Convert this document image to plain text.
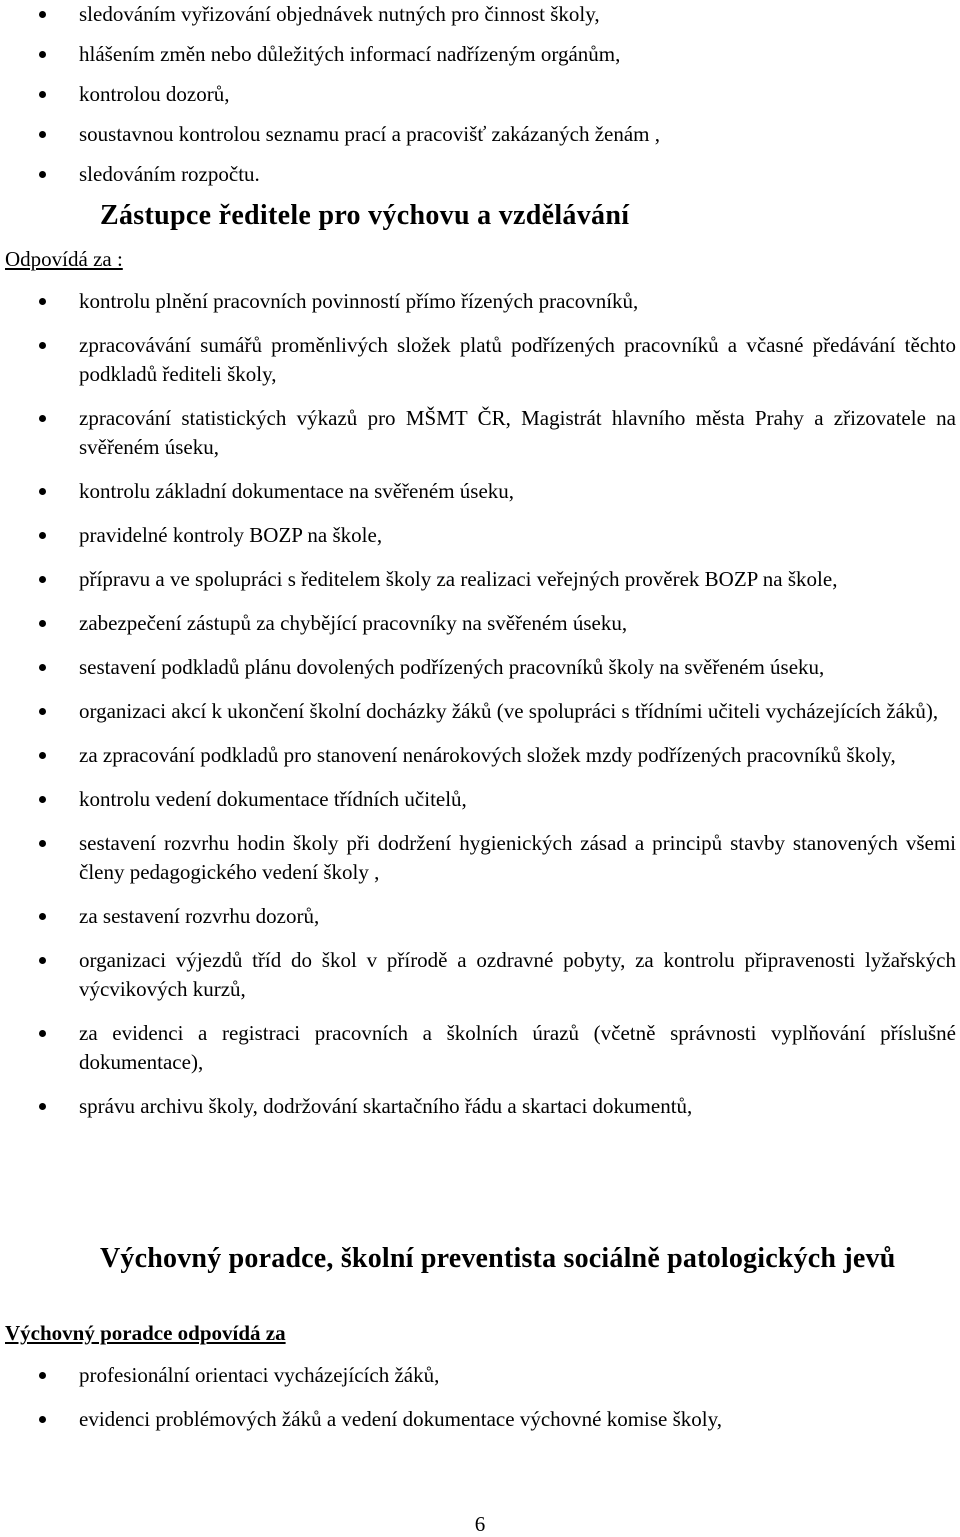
sledováním vyřizování objednávek nutných pro činnost školy,
hlášením změn nebo důležitých informací nadřízeným orgánům,
kontrolou dozorů,
soustavnou kontrolou seznamu prací a pracovišť zakázaných ženám ,
sledováním rozpočtu.
Zástupce ředitele pro výchovu a vzdělávání
Odpovídá za :
kontrolu plnění pracovních povinností přímo řízených pracovníků,
zpracovávání sumářů proměnlivých složek platů podřízených pracovníků a včasné předávání těchto podkladů řediteli školy,
zpracování statistických výkazů pro MŠMT ČR, Magistrát hlavního města Prahy a zřizovatele na svěřeném úseku,
kontrolu základní dokumentace na svěřeném úseku,
pravidelné kontroly BOZP na škole,
přípravu a ve spolupráci s ředitelem školy za realizaci veřejných prověrek BOZP na škole,
zabezpečení zástupů za chybějící pracovníky na svěřeném úseku,
sestavení podkladů plánu dovolených podřízených pracovníků školy na svěřeném úseku,
organizaci akcí k ukončení školní docházky žáků (ve spolupráci s třídními učiteli vycházejících žáků),
za zpracování podkladů pro stanovení nenárokových složek mzdy podřízených pracovníků školy,
kontrolu vedení dokumentace třídních učitelů,
sestavení rozvrhu hodin školy při dodržení hygienických zásad a principů stavby stanovených všemi členy pedagogického vedení školy ,
za sestavení rozvrhu dozorů,
organizaci výjezdů tříd do škol v přírodě a ozdravné pobyty, za kontrolu připravenosti lyžařských výcvikových kurzů,
za evidenci a registraci pracovních a školních úrazů (včetně správnosti vyplňování příslušné dokumentace),
správu archivu školy, dodržování skartačního řádu a skartaci dokumentů,
Výchovný poradce, školní preventista sociálně patologických jevů
Výchovný poradce odpovídá za
profesionální orientaci vycházejících žáků,
evidenci problémových žáků a vedení dokumentace výchovné komise školy,
6
